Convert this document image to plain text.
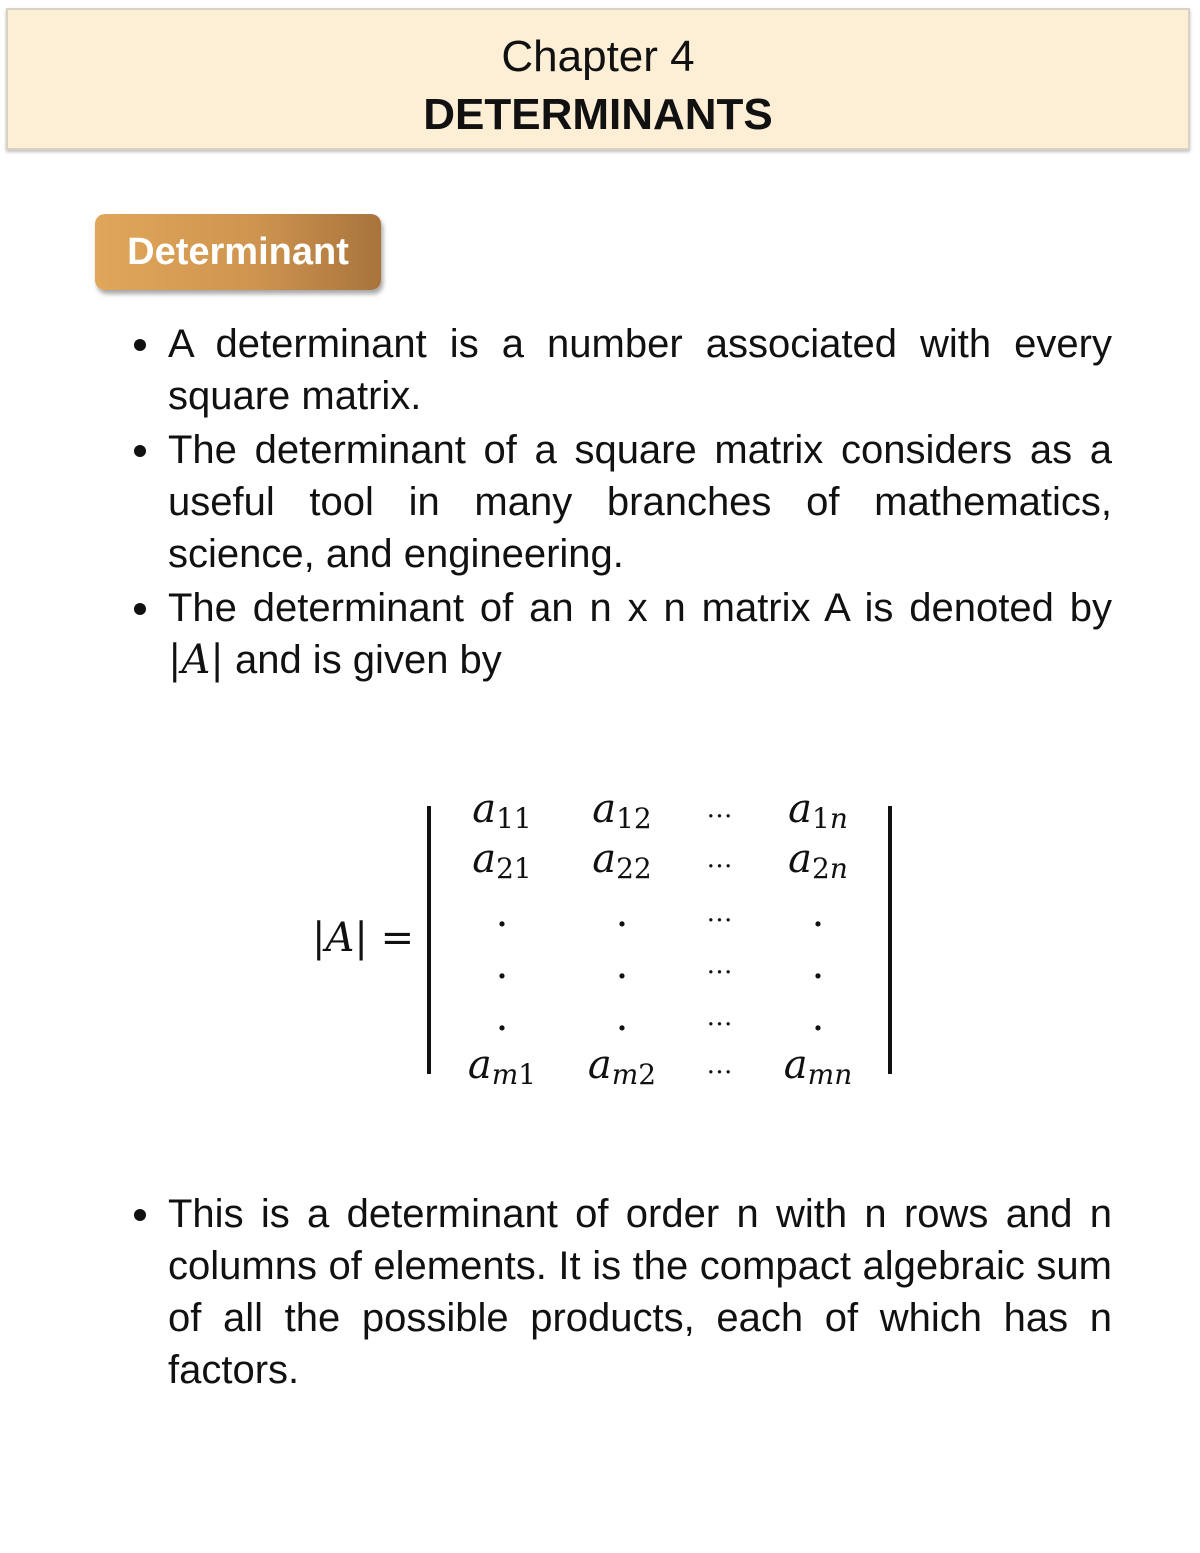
Chapter 4
DETERMINANTS
Determinant
A determinant is a number associated with every square matrix.
The determinant of a square matrix considers as a useful tool in many branches of mathematics, science, and engineering.
The determinant of an n x n matrix A is denoted by |A| and is given by
|A| =
$a_{11}$	$a_{12}$	…	$a_{1n}$
$a_{21}$	$a_{22}$	…	$a_{2n}$
.	.	…	.
.	.	…	.
.	.	…	.
$a_{m1}$	$a_{m2}$	…	$a_{mn}$
This is a determinant of order n with n rows and n columns of elements. It is the compact algebraic sum of all the possible products, each of which has n factors.
